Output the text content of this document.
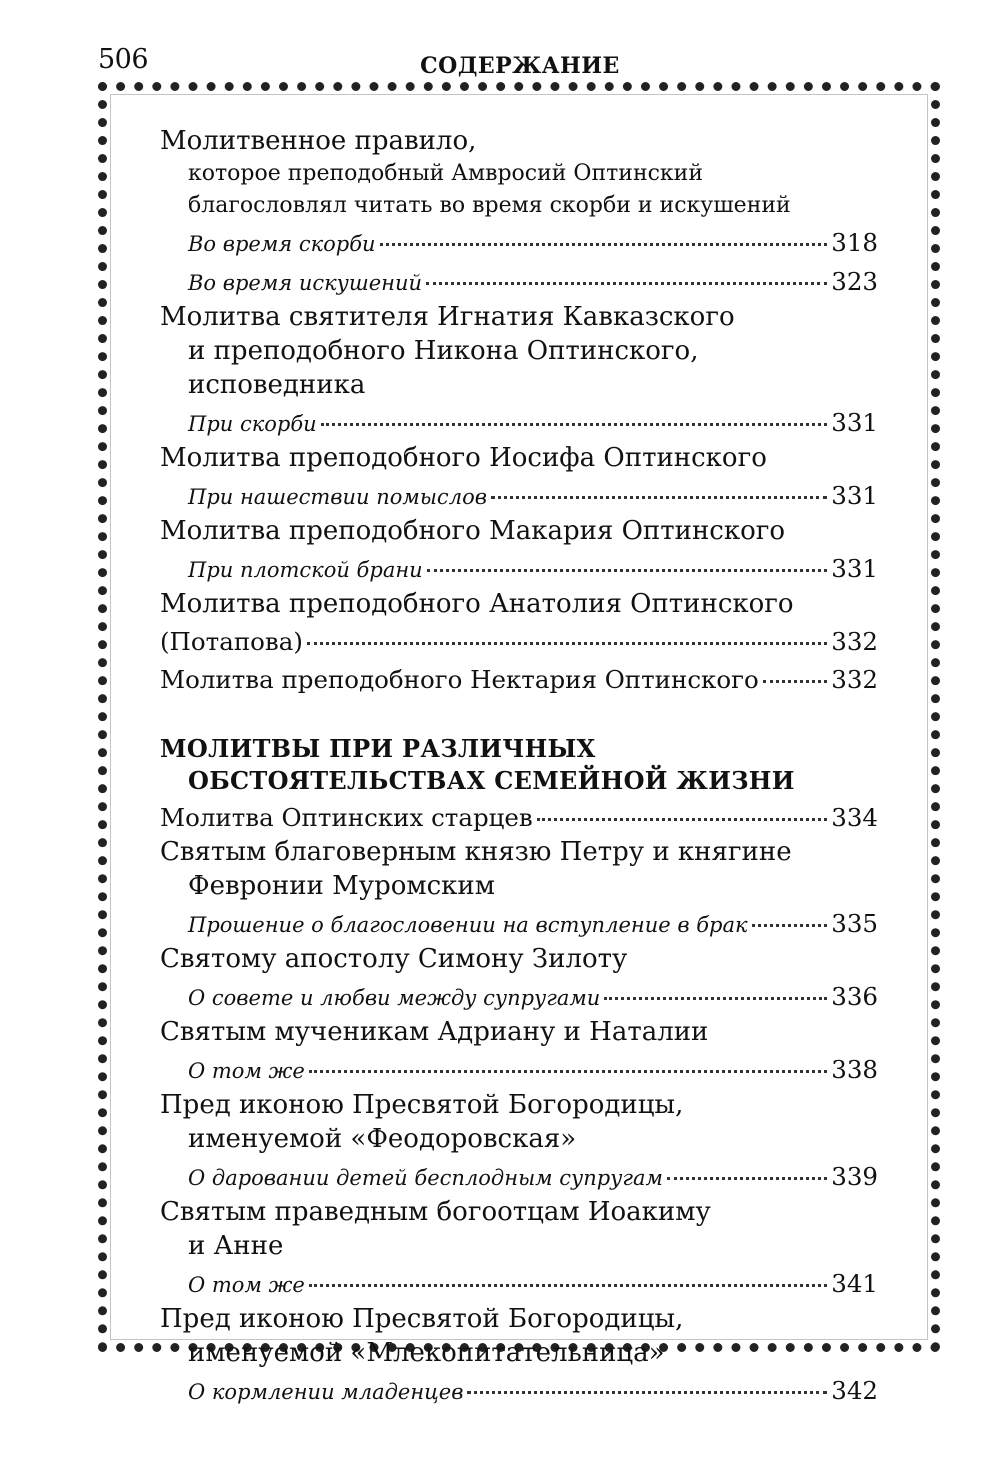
506	СОДЕРЖАНИЕ
Молитвенное правило,
которое преподобный Амвросий Оптинский
благословлял читать во время скорби и искушений
Во время скорби	318
Во время искушений	323
Молитва святителя Игнатия Кавказского
и преподобного Никона Оптинского,
исповедника
При скорби	331
Молитва преподобного Иосифа Оптинского
При нашествии помыслов	331
Молитва преподобного Макария Оптинского
При плотской брани	331
Молитва преподобного Анатолия Оптинского
(Потапова)	332
Молитва преподобного Нектария Оптинского	332
МОЛИТВЫ ПРИ РАЗЛИЧНЫХ
ОБСТОЯТЕЛЬСТВАХ СЕМЕЙНОЙ ЖИЗНИ
Молитва Оптинских старцев	334
Святым благоверным князю Петру и княгине
Февронии Муромским
Прошение о благословении на вступление в брак	335
Святому апостолу Симону Зилоту
О совете и любви между супругами	336
Святым мученикам Адриану и Наталии
О том же	338
Пред иконою Пресвятой Богородицы,
именуемой «Феодоровская»
О даровании детей бесплодным супругам	339
Святым праведным богоотцам Иоакиму
и Анне
О том же	341
Пред иконою Пресвятой Богородицы,
именуемой «Млекопитательница»
О кормлении младенцев	342
